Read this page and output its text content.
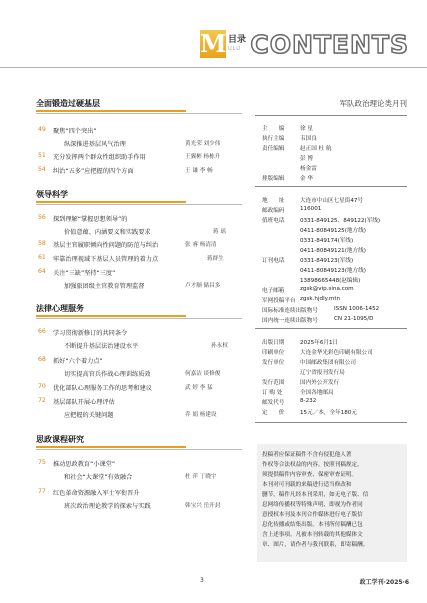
M 目录
ULU CONTENTS
全面锻造过硬基层
49 聚焦“四个突出”
纵深推进基层风气治理	黄光荣 刘少伟
51 充分发挥两个群众性组织助手作用	王翼彬 杨栋升
54 纠治“五多”应把握的四个方面	王 谦 李 畅
领导科学
56 探到理解“掌握思想领导”的
价值意蕴、内涵要义和实践要求	蒋 瑶
58 基层主官履职倾向性问题的防范与纠治	张 睿 杨清清
61 牢靠治理视域下基层人员管理的着力点	蒋群生
64 关注“三缺”坚持“三度”
加强旅团级主官教育管理监督	卢才顺 储昌多
法律心理服务
66 学习贯彻新修订的共同条令
不断提升基层法治建设水平	孙永权
68 抓好“六个着力点”
切实提高官兵作战心理训练质效	何嘉洁 谈修俊
70 优化部队心理服务工作的思考和建议	武 婷 李 猛
72 基层部队开展心理评估
应把握的关键问题	乔 娟 杨建设
思政课程研究
75 推动思政教育“小课堂”
和社会“大课堂”有效融合	杜 萍 丁晓宇
77 红色革命资源融入军士军衔晋升
班次政治理论教学的探索与实践	韩宝兴 岳开封
军队政治理论类月刊
主　　编	徐 星
执行主编	韦国良
责任编辑	赵正国 杜 航
彭 博
杨金雷
排版编辑	金 华
地　　址	大连市中山区七星街47号
邮政编码	116001
值班电话	0331-849125、849122(军线)
0411-80849125(地方线)
0331-849174(军线)
0411-80849121(地方线)
订刊电话	0331-849123(军线)
0411-80849123(地方线)
13898665448(赵编辑)
电子邮箱	zgsk@vip.sina.com
军网投稿平台 zgsk.hjdly.mtn
国际标准连续出版物号	ISSN 1006-1452
国内统一连续出版物号	CN 21-1095/D
出版日期	2025年6月1日
印刷单位	大连金华光彩色印刷有限公司
发行单位	中国邮政集团有限公司
辽宁省报刊发行局
发行范围	国内外公开发行
订 购 处	全国各地邮局
邮发代号	8-232
定　　价	15元／本，全年180元
投稿者应保证稿件不含有侵犯他人著
作权等合法权益的内容。按照刊稿规定，
须提供稿件内容审查、保密审查证明。
本刊对可刊载的来稿进行适当修改和
删节。稿件凡经本刊采用，如无电子版、信
息网络传播权等特殊声明，即视为作者同
意授权本刊及本刊合作媒体进行电子版信
息化传播或结集出版。本刊所付稿酬已包
含上述事项。凡被本刊转载的其他媒体文
章、图片，请作者与我刊联系，即寄稿酬。
3	政工学刊·2025·6
